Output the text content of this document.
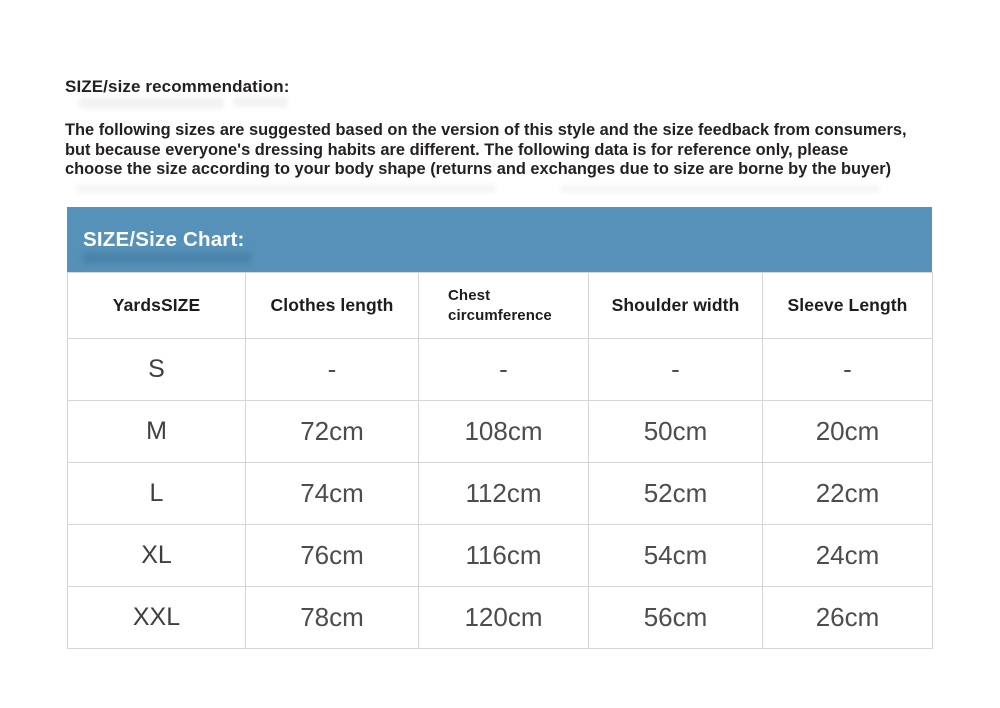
SIZE/size recommendation:
The following sizes are suggested based on the version of this style and the size feedback from consumers,
but because everyone's dressing habits are different. The following data is for reference only, please
choose the size according to your body shape (returns and exchanges due to size are borne by the buyer)
SIZE/Size Chart:
YardsSIZE	Clothes length	Chest circumference	Shoulder width	Sleeve Length
S	-	-	-	-
M	72cm	108cm	50cm	20cm
L	74cm	112cm	52cm	22cm
XL	76cm	116cm	54cm	24cm
XXL	78cm	120cm	56cm	26cm
